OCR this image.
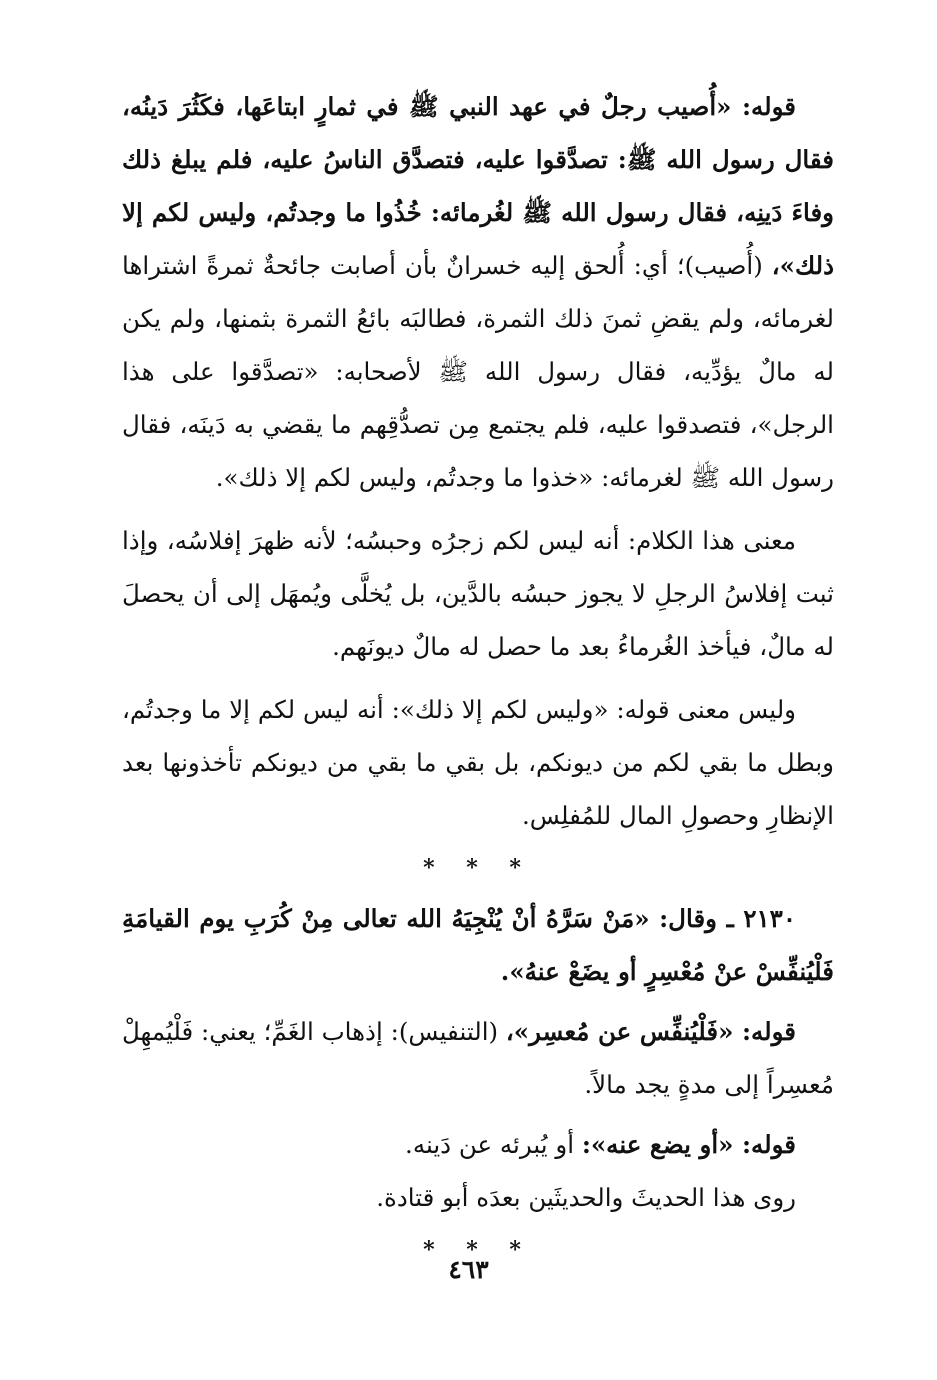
قوله: «أُصيب رجلٌ في عهد النبي ﷺ في ثمارٍ ابتاعَها، فكَثُرَ دَينُه، فقال رسول الله ﷺ: تصدَّقوا عليه، فتصدَّق الناسُ عليه، فلم يبلغ ذلك وفاءَ دَينِه، فقال رسول الله ﷺ لغُرمائه: خُذُوا ما وجدتُم، وليس لكم إلا ذلك»، (أُصيب)؛ أي: أُلحق إليه خسرانٌ بأن أصابت جائحةٌ ثمرةً اشتراها لغرمائه، ولم يقضِ ثمنَ ذلك الثمرة، فطالبَه بائعُ الثمرة بثمنها، ولم يكن له مالٌ يؤدِّيه، فقال رسول الله ﷺ لأصحابه: «تصدَّقوا على هذا الرجل»، فتصدقوا عليه، فلم يجتمع مِن تصدُّقِهم ما يقضي به دَينَه، فقال رسول الله ﷺ لغرمائه: «خذوا ما وجدتُم، وليس لكم إلا ذلك».

معنى هذا الكلام: أنه ليس لكم زجرُه وحبسُه؛ لأنه ظهرَ إفلاسُه، وإذا ثبت إفلاسُ الرجلِ لا يجوز حبسُه بالدَّين، بل يُخلَّى ويُمهَل إلى أن يحصلَ له مالٌ، فيأخذ الغُرماءُ بعد ما حصل له مالٌ ديونَهم.

وليس معنى قوله: «وليس لكم إلا ذلك»: أنه ليس لكم إلا ما وجدتُم، وبطل ما بقي لكم من ديونكم، بل بقي ما بقي من ديونكم تأخذونها بعد الإنظارِ وحصولِ المال للمُفلِس.

* * *

٢١٣٠ ـ وقال: «مَنْ سَرَّهُ أنْ يُنْجِيَهُ الله تعالى مِنْ كُرَبِ يوم القيامَةِ فَلْيُنفِّسْ عنْ مُعْسِرٍ أو يضَعْ عنهُ».

قوله: «فَلْيُنفِّس عن مُعسِر»، (التنفيس): إذهاب الغَمِّ؛ يعني: فَلْيُمهِلْ مُعسِراً إلى مدةٍ يجد مالاً.

قوله: «أو يضع عنه»: أو يُبرئه عن دَينه.

روى هذا الحديثَ والحديثَين بعدَه أبو قتادة.

* * *
٤٦٣
